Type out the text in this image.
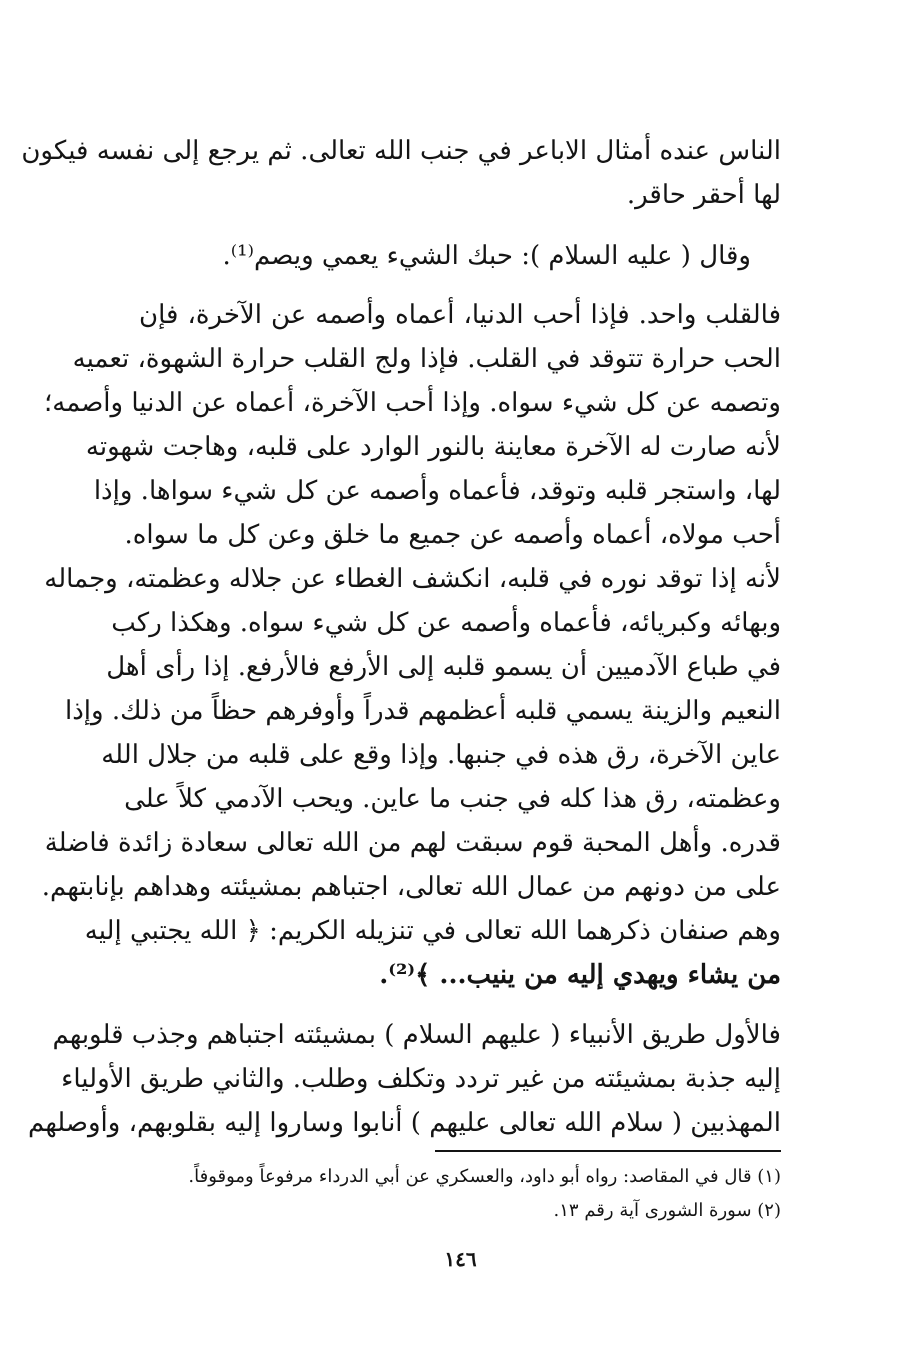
الناس عنده أمثال الاباعر في جنب الله تعالى. ثم يرجع إلى نفسه فيكون
لها أحقر حاقر.
وقال ( عليه السلام ): حبك الشيء يعمي ويصم⁽¹⁾.
فالقلب واحد. فإذا أحب الدنيا، أعماه وأصمه عن الآخرة، فإن
الحب حرارة تتوقد في القلب. فإذا ولج القلب حرارة الشهوة، تعميه
وتصمه عن كل شيء سواه. وإذا أحب الآخرة، أعماه عن الدنيا وأصمه؛
لأنه صارت له الآخرة معاينة بالنور الوارد على قلبه، وهاجت شهوته
لها، واستجر قلبه وتوقد، فأعماه وأصمه عن كل شيء سواها. وإذا
أحب مولاه، أعماه وأصمه عن جميع ما خلق وعن كل ما سواه.
لأنه إذا توقد نوره في قلبه، انكشف الغطاء عن جلاله وعظمته، وجماله
وبهائه وكبريائه، فأعماه وأصمه عن كل شيء سواه. وهكذا ركب
في طباع الآدميين أن يسمو قلبه إلى الأرفع فالأرفع. إذا رأى أهل
النعيم والزينة يسمي قلبه أعظمهم قدراً وأوفرهم حظاً من ذلك. وإذا
عاين الآخرة، رق هذه في جنبها. وإذا وقع على قلبه من جلال الله
وعظمته، رق هذا كله في جنب ما عاين. ويحب الآدمي كلاً على
قدره. وأهل المحبة قوم سبقت لهم من الله تعالى سعادة زائدة فاضلة
على من دونهم من عمال الله تعالى، اجتباهم بمشيئته وهداهم بإنابتهم.
وهم صنفان ذكرهما الله تعالى في تنزيله الكريم: ﴿ الله يجتبي إليه
من يشاء ويهدي إليه من ينيب... ﴾⁽²⁾.
فالأول طريق الأنبياء ( عليهم السلام ) بمشيئته اجتباهم وجذب قلوبهم
إليه جذبة بمشيئته من غير تردد وتكلف وطلب. والثاني طريق الأولياء
المهذبين ( سلام الله تعالى عليهم ) أنابوا وساروا إليه بقلوبهم، وأوصلهم
(١) قال في المقاصد: رواه أبو داود، والعسكري عن أبي الدرداء مرفوعاً وموقوفاً.
(٢) سورة الشورى آية رقم ١٣.
١٤٦
